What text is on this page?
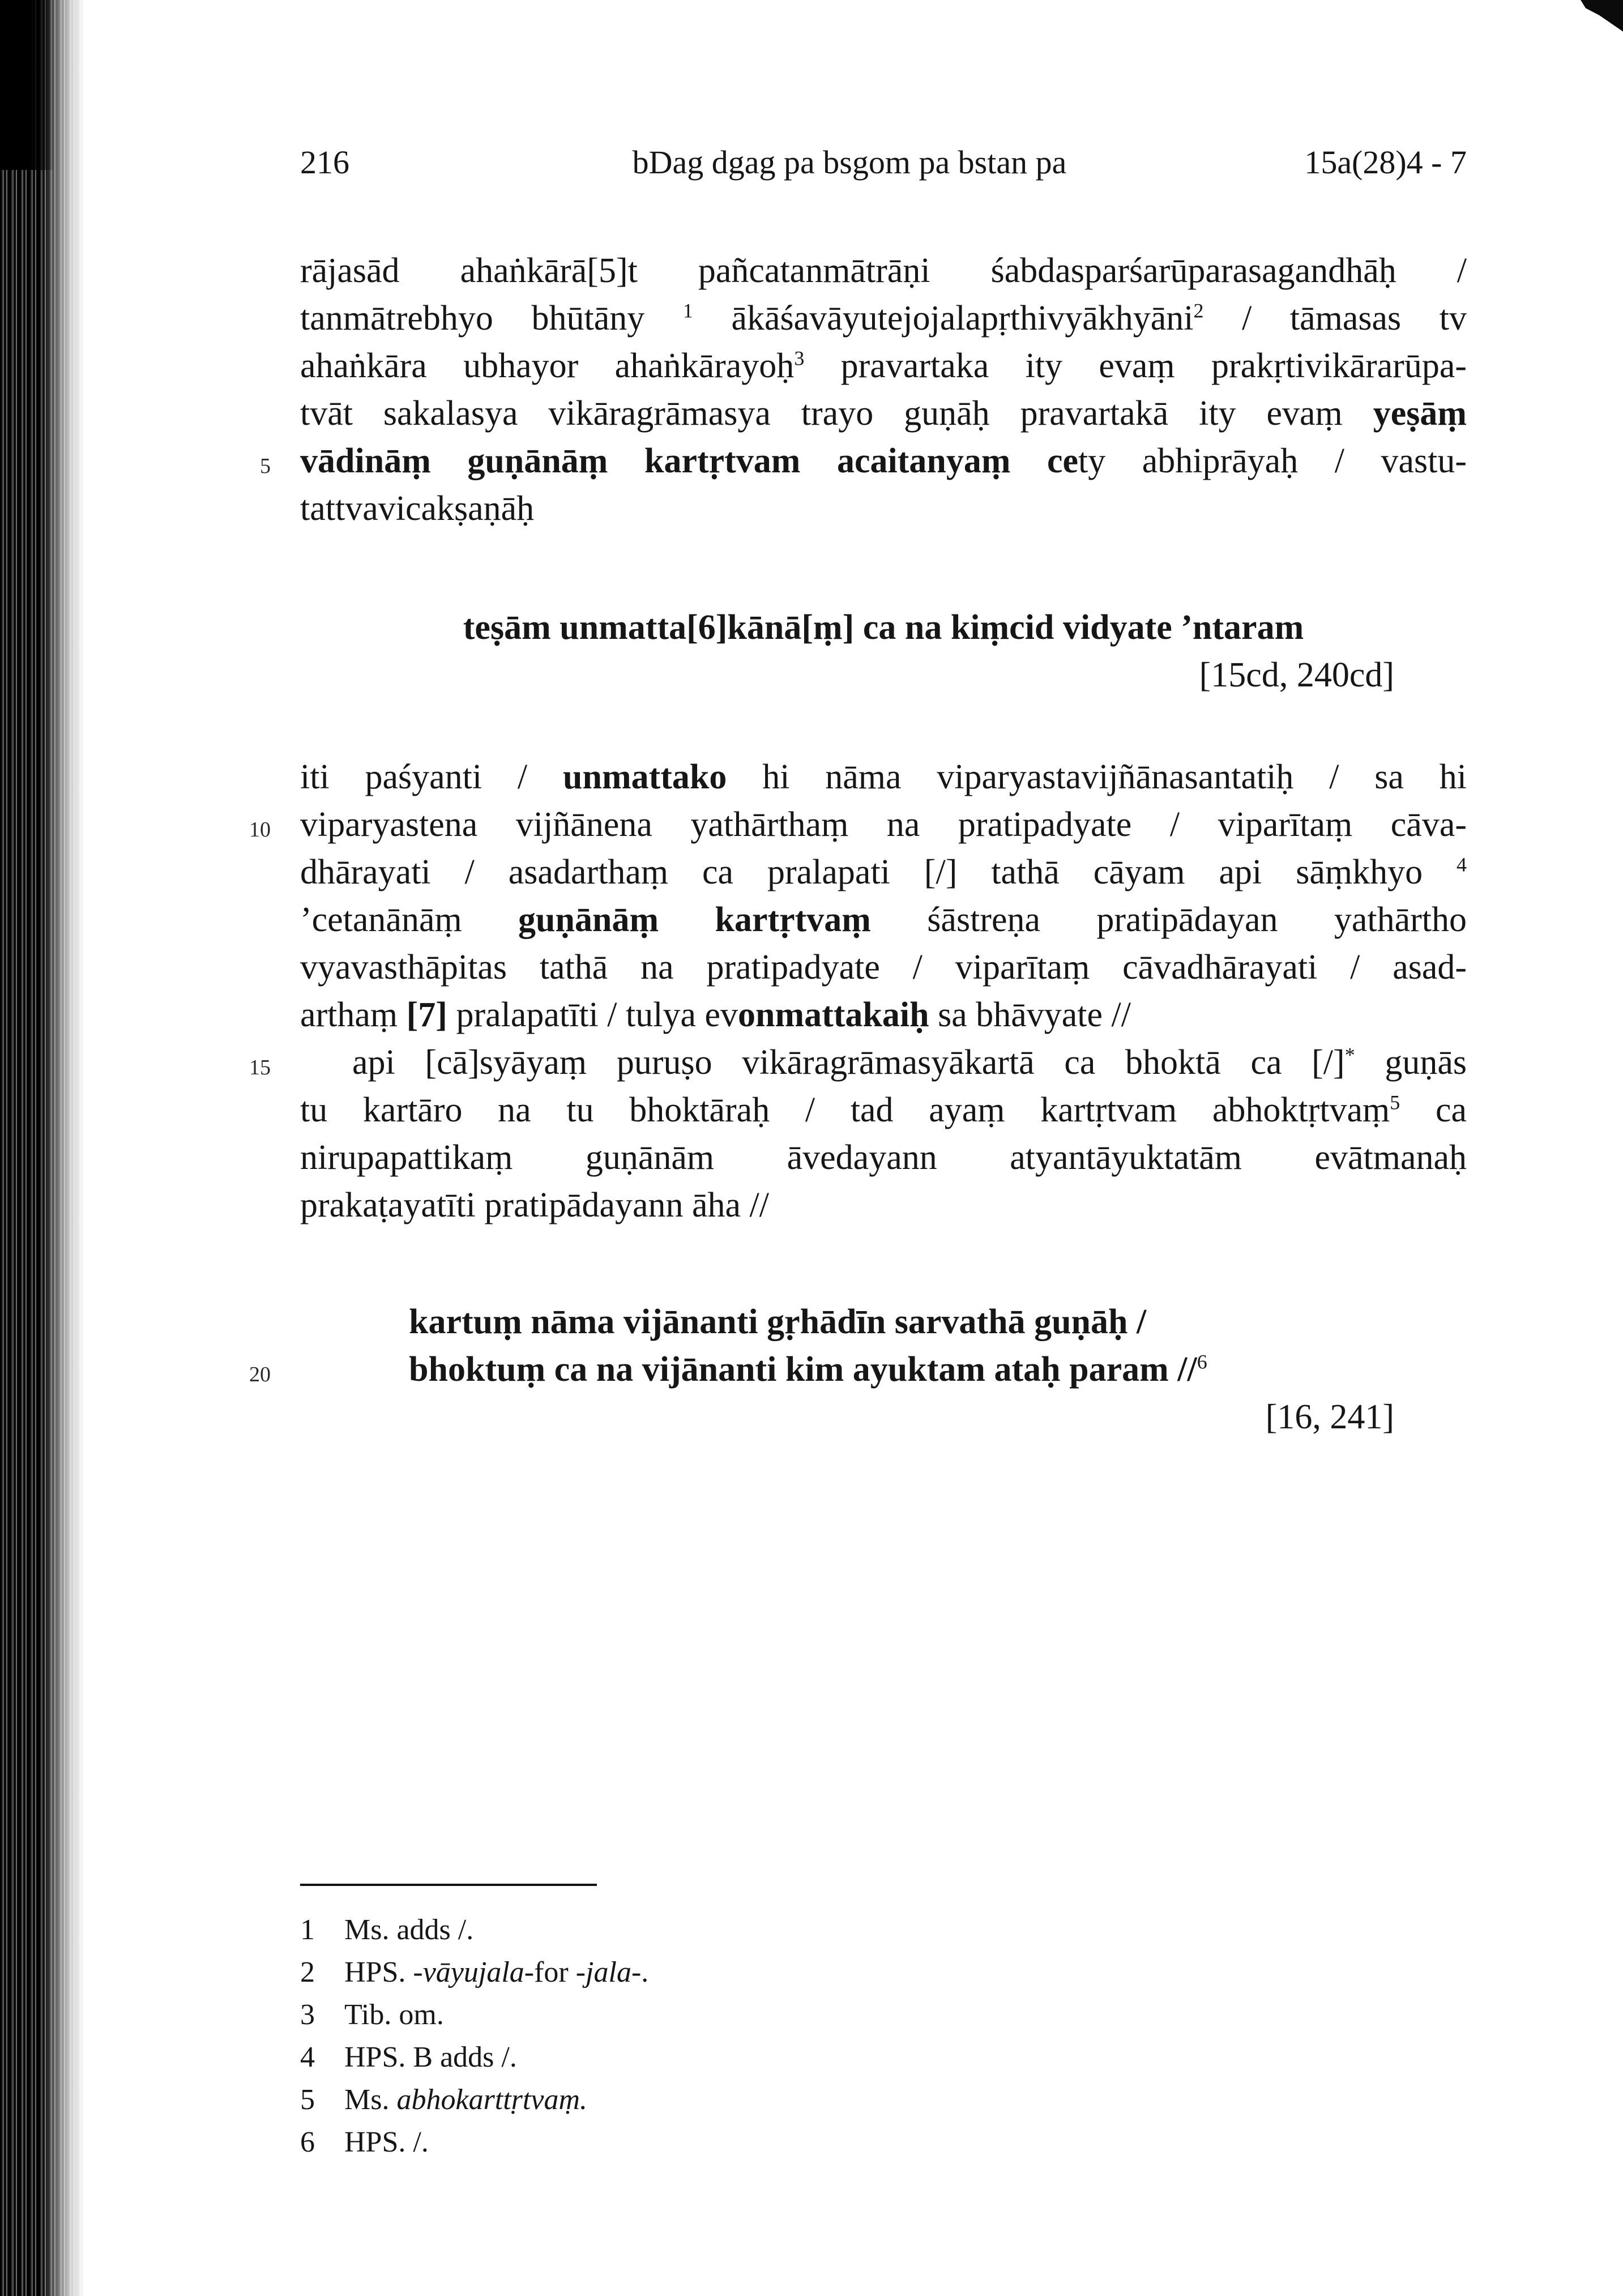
216	bDag dgag pa bsgom pa bstan pa	15a(28)4 - 7
5
10
15
20
rājasād ahaṅkārā[5]t pañcatanmātrāṇi śabdasparśarūparasagandhāḥ /
tanmātrebhyo bhūtāny $^1$ ākāśavāyutejojalapṛthivyākhyāni$^2$ / tāmasas tv
ahaṅkāra ubhayor ahaṅkārayoḥ$^3$ pravartaka ity evaṃ prakṛtivikārarūpa-
tvāt sakalasya vikāragrāmasya trayo guṇāḥ pravartakā ity evaṃ yeṣāṃ
vādināṃ guṇānāṃ kartṛtvam acaitanyaṃ cety abhiprāyaḥ / vastu-
tattvavicakṣaṇāḥ
teṣām unmatta[6]kānā[ṃ] ca na kiṃcid vidyate ’ntaram
[15cd, 240cd]
iti paśyanti / unmattako hi nāma viparyastavijñānasantatiḥ / sa hi
viparyastena vijñānena yathārthaṃ na pratipadyate / viparītaṃ cāva-
dhārayati / asadarthaṃ ca pralapati [/] tathā cāyam api sāṃkhyo $^4$
’cetanānāṃ guṇānāṃ kartṛtvaṃ śāstreṇa pratipādayan yathārtho
vyavasthāpitas tathā na pratipadyate / viparītaṃ cāvadhārayati / asad-
arthaṃ [7] pralapatīti / tulya evonmattakaiḥ sa bhāvyate //
api [cā]syāyaṃ puruṣo vikāragrāmasyākartā ca bhoktā ca [/]* guṇās
tu kartāro na tu bhoktāraḥ / tad ayaṃ kartṛtvam abhoktṛtvaṃ$^5$ ca
nirupapattikaṃ guṇānām āvedayann atyantāyuktatām evātmanaḥ
prakaṭayatīti pratipādayann āha //
kartuṃ nāma vijānanti gṛhādīn sarvathā guṇāḥ /
bhoktuṃ ca na vijānanti kim ayuktam ataḥ param //$^6$
[16, 241]
1	Ms. adds /.
2	HPS. -vāyujala-for -jala-.
3	Tib. om.
4	HPS. B adds /.
5	Ms. abhokarttṛtvaṃ.
6	HPS. /.
